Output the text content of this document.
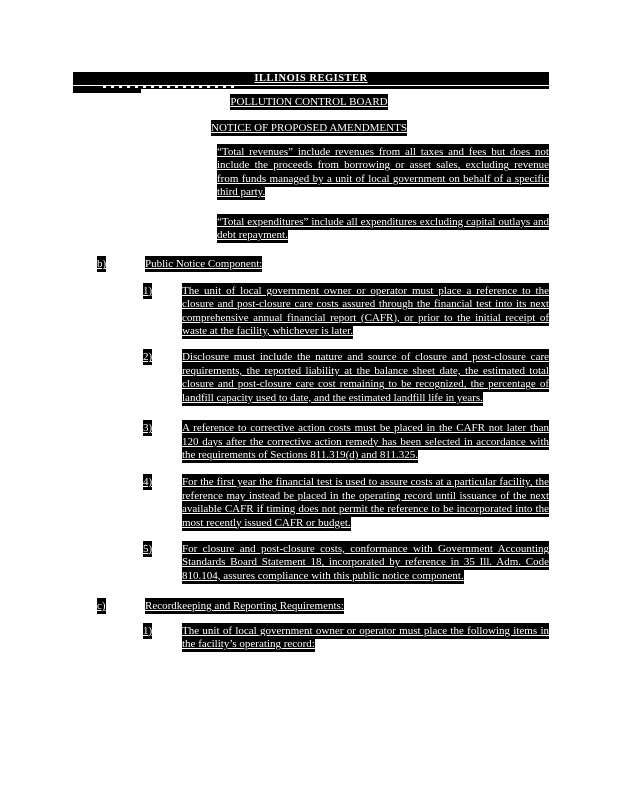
ILLINOIS REGISTER
POLLUTION CONTROL BOARD
NOTICE OF PROPOSED AMENDMENTS
“Total revenues” include revenues from all taxes and fees but does not include the proceeds from borrowing or asset sales, excluding revenue from funds managed by a unit of local government on behalf of a specific third party.
“Total expenditures” include all expenditures excluding capital outlays and debt repayment.
b)	Public Notice Component:
1)	The unit of local government owner or operator must place a reference to the closure and post-closure care costs assured through the financial test into its next comprehensive annual financial report (CAFR), or prior to the initial receipt of waste at the facility, whichever is later.
2)	Disclosure must include the nature and source of closure and post-closure care requirements, the reported liability at the balance sheet date, the estimated total closure and post-closure care cost remaining to be recognized, the percentage of landfill capacity used to date, and the estimated landfill life in years.
3)	A reference to corrective action costs must be placed in the CAFR not later than 120 days after the corrective action remedy has been selected in accordance with the requirements of Sections 811.319(d) and 811.325.
4)	For the first year the financial test is used to assure costs at a particular facility, the reference may instead be placed in the operating record until issuance of the next available CAFR if timing does not permit the reference to be incorporated into the most recently issued CAFR or budget.
5)	For closure and post-closure costs, conformance with Government Accounting Standards Board Statement 18, incorporated by reference in 35 Ill. Adm. Code 810.104, assures compliance with this public notice component.
c)	Recordkeeping and Reporting Requirements:
1)	The unit of local government owner or operator must place the following items in the facility’s operating record:
